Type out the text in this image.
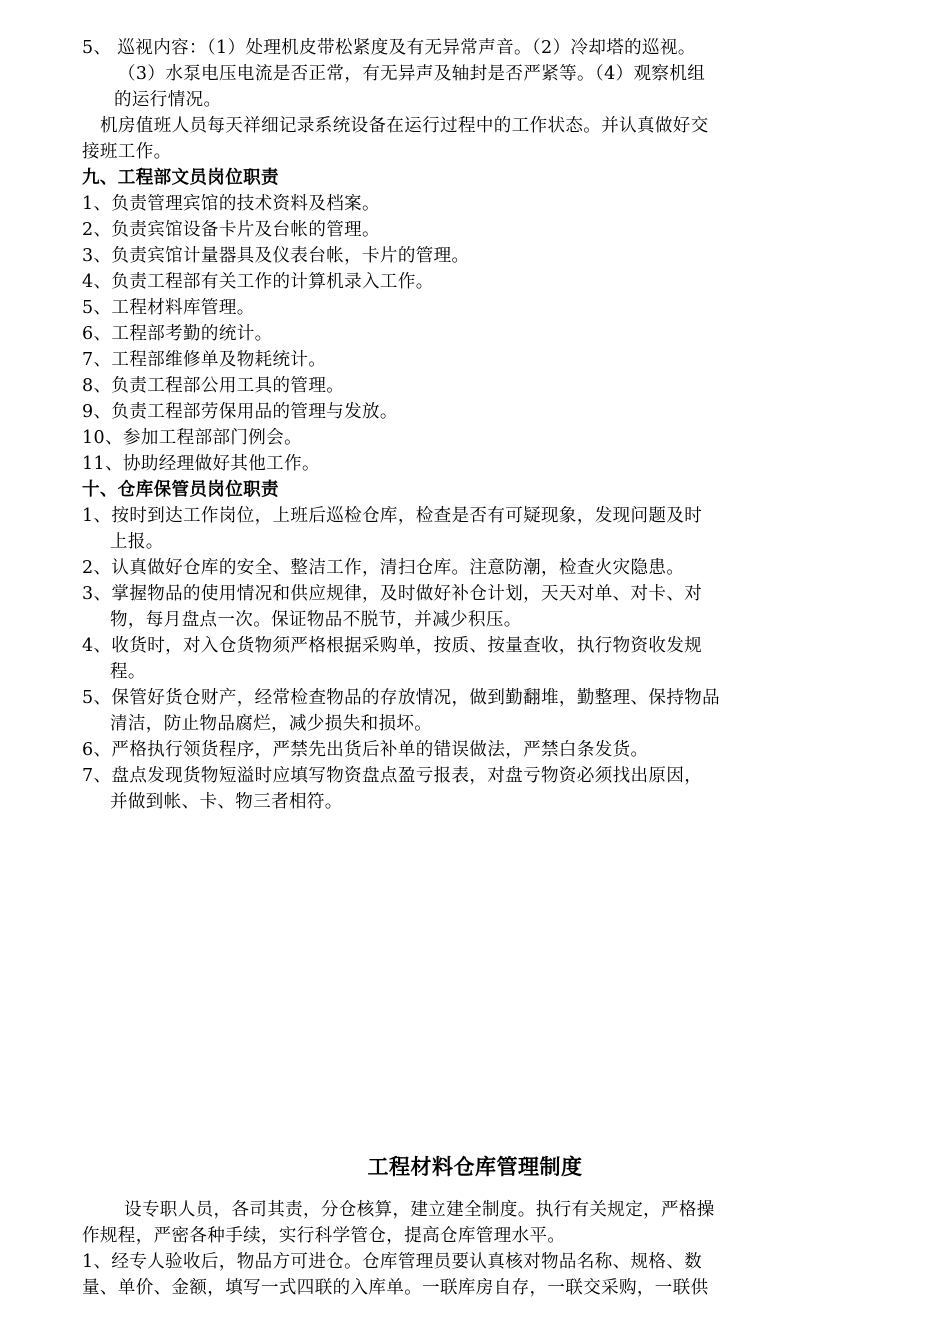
5、 巡视内容：（1）处理机皮带松紧度及有无异常声音。（2）冷却塔的巡视。
（3）水泵电压电流是否正常，有无异声及轴封是否严紧等。（4）观察机组
的运行情况。
机房值班人员每天祥细记录系统设备在运行过程中的工作状态。并认真做好交
接班工作。
九、工程部文员岗位职责
1、负责管理宾馆的技术资料及档案。
2、负责宾馆设备卡片及台帐的管理。
3、负责宾馆计量器具及仪表台帐，卡片的管理。
4、负责工程部有关工作的计算机录入工作。
5、工程材料库管理。
6、工程部考勤的统计。
7、工程部维修单及物耗统计。
8、负责工程部公用工具的管理。
9、负责工程部劳保用品的管理与发放。
10、参加工程部部门例会。
11、协助经理做好其他工作。
十、仓库保管员岗位职责
1、按时到达工作岗位，上班后巡检仓库，检查是否有可疑现象，发现问题及时
上报。
2、认真做好仓库的安全、整洁工作，清扫仓库。注意防潮，检查火灾隐患。
3、掌握物品的使用情况和供应规律，及时做好补仓计划，天天对单、对卡、对
物，每月盘点一次。保证物品不脱节，并减少积压。
4、收货时，对入仓货物须严格根据采购单，按质、按量查收，执行物资收发规
程。
5、保管好货仓财产，经常检查物品的存放情况，做到勤翻堆，勤整理、保持物品
清洁，防止物品腐烂，减少损失和损坏。
6、严格执行领货程序，严禁先出货后补单的错误做法，严禁白条发货。
7、盘点发现货物短溢时应填写物资盘点盈亏报表，对盘亏物资必须找出原因，
并做到帐、卡、物三者相符。
工程材料仓库管理制度
设专职人员，各司其责，分仓核算，建立建全制度。执行有关规定，严格操
作规程，严密各种手续，实行科学管仓，提高仓库管理水平。
1、经专人验收后，物品方可进仓。仓库管理员要认真核对物品名称、规格、数
量、单价、金额，填写一式四联的入库单。一联库房自存，一联交采购，一联供
